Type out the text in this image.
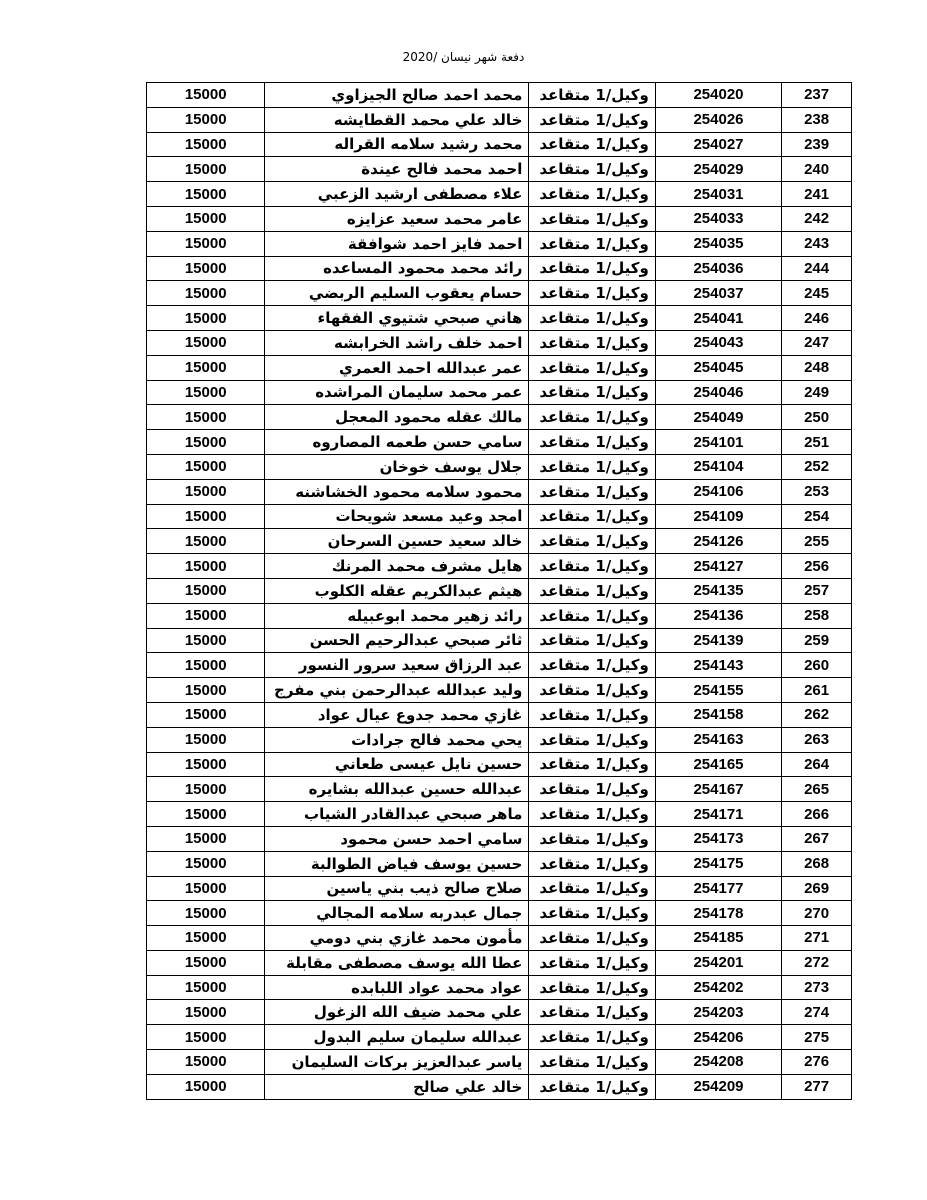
دفعة شهر نيسان /2020
237	254020	وكيل/1 متقاعد	محمد احمد صالح الجيزاوي	15000
238	254026	وكيل/1 متقاعد	خالد علي محمد القطايشه	15000
239	254027	وكيل/1 متقاعد	محمد رشيد سلامه القراله	15000
240	254029	وكيل/1 متقاعد	احمد محمد فالح عيندة	15000
241	254031	وكيل/1 متقاعد	علاء مصطفى ارشيد الزعبي	15000
242	254033	وكيل/1 متقاعد	عامر محمد سعيد عزايزه	15000
243	254035	وكيل/1 متقاعد	احمد فايز احمد شوافقة	15000
244	254036	وكيل/1 متقاعد	رائد محمد محمود المساعده	15000
245	254037	وكيل/1 متقاعد	حسام يعقوب السليم الربضي	15000
246	254041	وكيل/1 متقاعد	هاني صبحي شتيوي الفقهاء	15000
247	254043	وكيل/1 متقاعد	احمد خلف راشد الخرابشه	15000
248	254045	وكيل/1 متقاعد	عمر عبدالله احمد العمري	15000
249	254046	وكيل/1 متقاعد	عمر محمد سليمان المراشده	15000
250	254049	وكيل/1 متقاعد	مالك عقله محمود المعجل	15000
251	254101	وكيل/1 متقاعد	سامي حسن طعمه المصاروه	15000
252	254104	وكيل/1 متقاعد	جلال يوسف خوخان	15000
253	254106	وكيل/1 متقاعد	محمود سلامه محمود الخشاشنه	15000
254	254109	وكيل/1 متقاعد	امجد وعيد مسعد شويحات	15000
255	254126	وكيل/1 متقاعد	خالد سعيد حسين السرحان	15000
256	254127	وكيل/1 متقاعد	هايل مشرف محمد المرنك	15000
257	254135	وكيل/1 متقاعد	هيثم عبدالكريم عقله الكلوب	15000
258	254136	وكيل/1 متقاعد	رائد زهير محمد ابوعبيله	15000
259	254139	وكيل/1 متقاعد	ثائر صبحي عبدالرحيم الحسن	15000
260	254143	وكيل/1 متقاعد	عبد الرزاق سعيد سرور النسور	15000
261	254155	وكيل/1 متقاعد	وليد عبدالله عبدالرحمن بني مفرج	15000
262	254158	وكيل/1 متقاعد	غازي محمد جدوع عيال عواد	15000
263	254163	وكيل/1 متقاعد	يحي محمد فالح جرادات	15000
264	254165	وكيل/1 متقاعد	حسين نايل عيسى طعاني	15000
265	254167	وكيل/1 متقاعد	عبدالله حسين عبدالله بشايره	15000
266	254171	وكيل/1 متقاعد	ماهر صبحي عبدالقادر الشياب	15000
267	254173	وكيل/1 متقاعد	سامي احمد حسن محمود	15000
268	254175	وكيل/1 متقاعد	حسين يوسف فياض الطوالبة	15000
269	254177	وكيل/1 متقاعد	صلاح صالح ذيب بني ياسين	15000
270	254178	وكيل/1 متقاعد	جمال عبدربه سلامه المجالي	15000
271	254185	وكيل/1 متقاعد	مأمون محمد غازي بني دومي	15000
272	254201	وكيل/1 متقاعد	عطا الله يوسف مصطفى مقابلة	15000
273	254202	وكيل/1 متقاعد	عواد محمد عواد اللبابده	15000
274	254203	وكيل/1 متقاعد	علي محمد ضيف الله الزغول	15000
275	254206	وكيل/1 متقاعد	عبدالله سليمان سليم البدول	15000
276	254208	وكيل/1 متقاعد	ياسر عبدالعزيز بركات السليمان	15000
277	254209	وكيل/1 متقاعد	خالد علي صالح	15000
